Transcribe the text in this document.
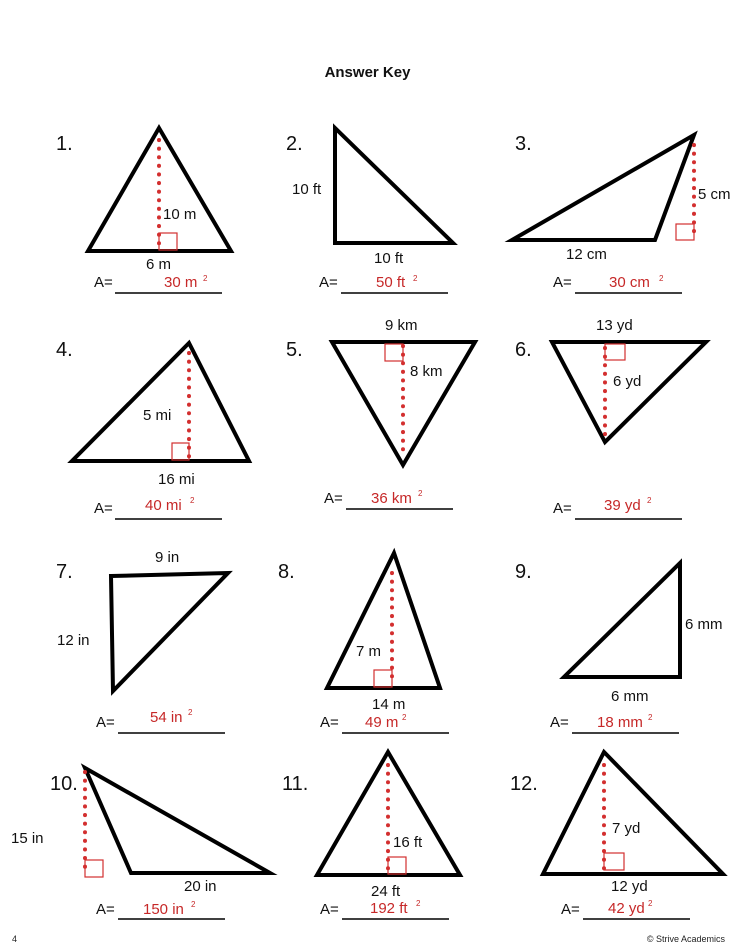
Answer Key
1.
10 m
6 m
A=	30 m 2
2.
10 ft
10 ft
A=	50 ft 2
3.
5 cm
12 cm
A= 30 cm 2
4.
5 mi
16 mi
A= 40 mi 2
5.
9 km
8 km
A= 36 km 2
6.
13 yd
6 yd
A= 39 yd 2
7.
9 in
12 in
A= 54 in 2
8.
7 m
14 m
A= 49 m 2
9.
6 mm
6 mm
A= 18 mm 2
10.
15 in
20 in
A= 150 in 2
11.
16 ft
24 ft
A= 192 ft 2
12.
7 yd
12 yd
A= 42 yd 2
4	© Strive Academics
